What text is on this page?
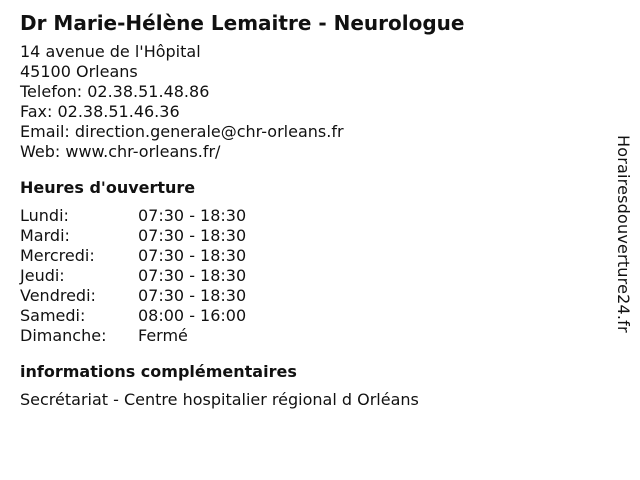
Dr Marie-Hélène Lemaitre - Neurologue
14 avenue de l'Hôpital
45100 Orleans
Telefon: 02.38.51.48.86
Fax: 02.38.51.46.36
Email: direction.generale@chr-orleans.fr
Web: www.chr-orleans.fr/
Heures d'ouverture
Lundi:	07:30 - 18:30
Mardi:	07:30 - 18:30
Mercredi:	07:30 - 18:30
Jeudi:	07:30 - 18:30
Vendredi:	07:30 - 18:30
Samedi:	08:00 - 16:00
Dimanche:	Fermé
informations complémentaires
Secrétariat - Centre hospitalier régional d Orléans
Horairesdouverture24.fr
